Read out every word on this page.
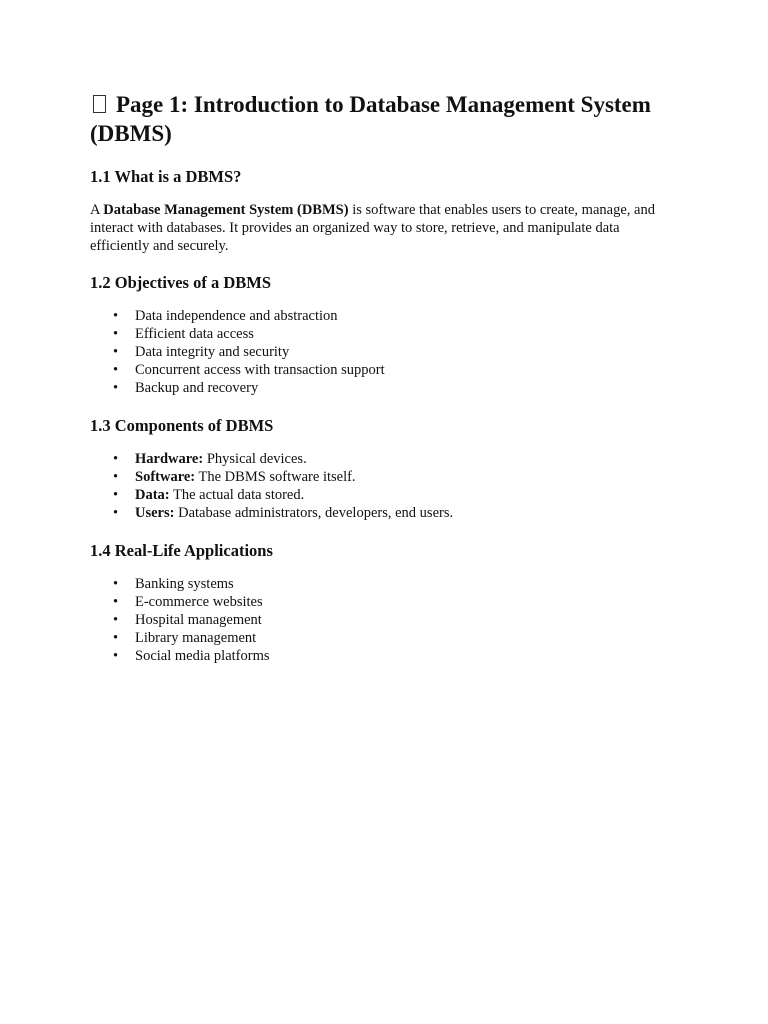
Page 1: Introduction to Database Management System (DBMS)
1.1 What is a DBMS?

A Database Management System (DBMS) is software that enables users to create, manage, and interact with databases. It provides an organized way to store, retrieve, and manipulate data efficiently and securely.

1.2 Objectives of a DBMS
• Data independence and abstraction
• Efficient data access
• Data integrity and security
• Concurrent access with transaction support
• Backup and recovery
1.3 Components of DBMS
• Hardware: Physical devices.
• Software: The DBMS software itself.
• Data: The actual data stored.
• Users: Database administrators, developers, end users.
1.4 Real-Life Applications
• Banking systems
• E-commerce websites
• Hospital management
• Library management
• Social media platforms
